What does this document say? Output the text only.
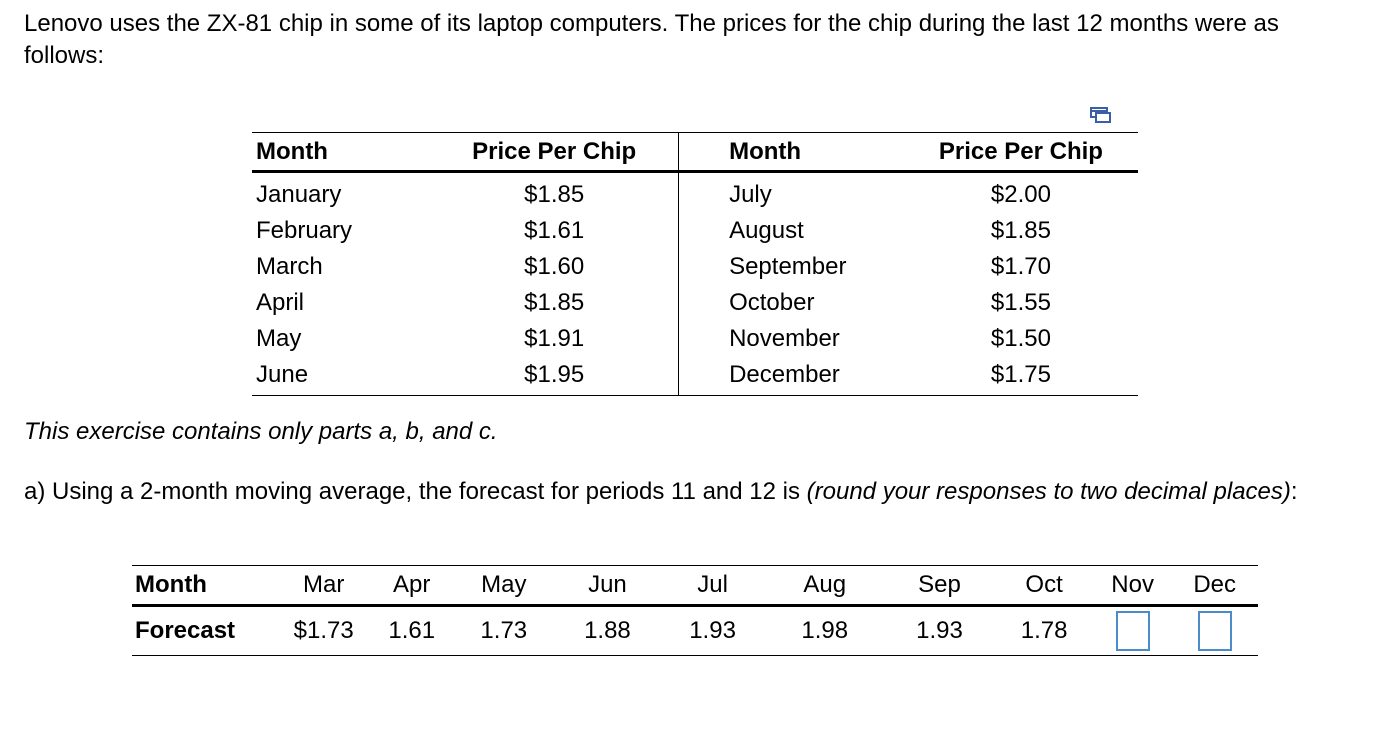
Lenovo uses the ZX-81 chip in some of its laptop computers. The prices for the chip during the last 12 months were as follows:
Month	Price Per Chip	Month	Price Per Chip
January	$1.85	July	$2.00
February	$1.61	August	$1.85
March	$1.60	September	$1.70
April	$1.85	October	$1.55
May	$1.91	November	$1.50
June	$1.95	December	$1.75
This exercise contains only parts a, b, and c.
a) Using a 2-month moving average, the forecast for periods 11 and 12 is (round your responses to two decimal places):
Month	Mar	Apr	May	Jun	Jul	Aug	Sep	Oct	Nov	Dec
Forecast	$1.73	1.61	1.73	1.88	1.93	1.98	1.93	1.78		
